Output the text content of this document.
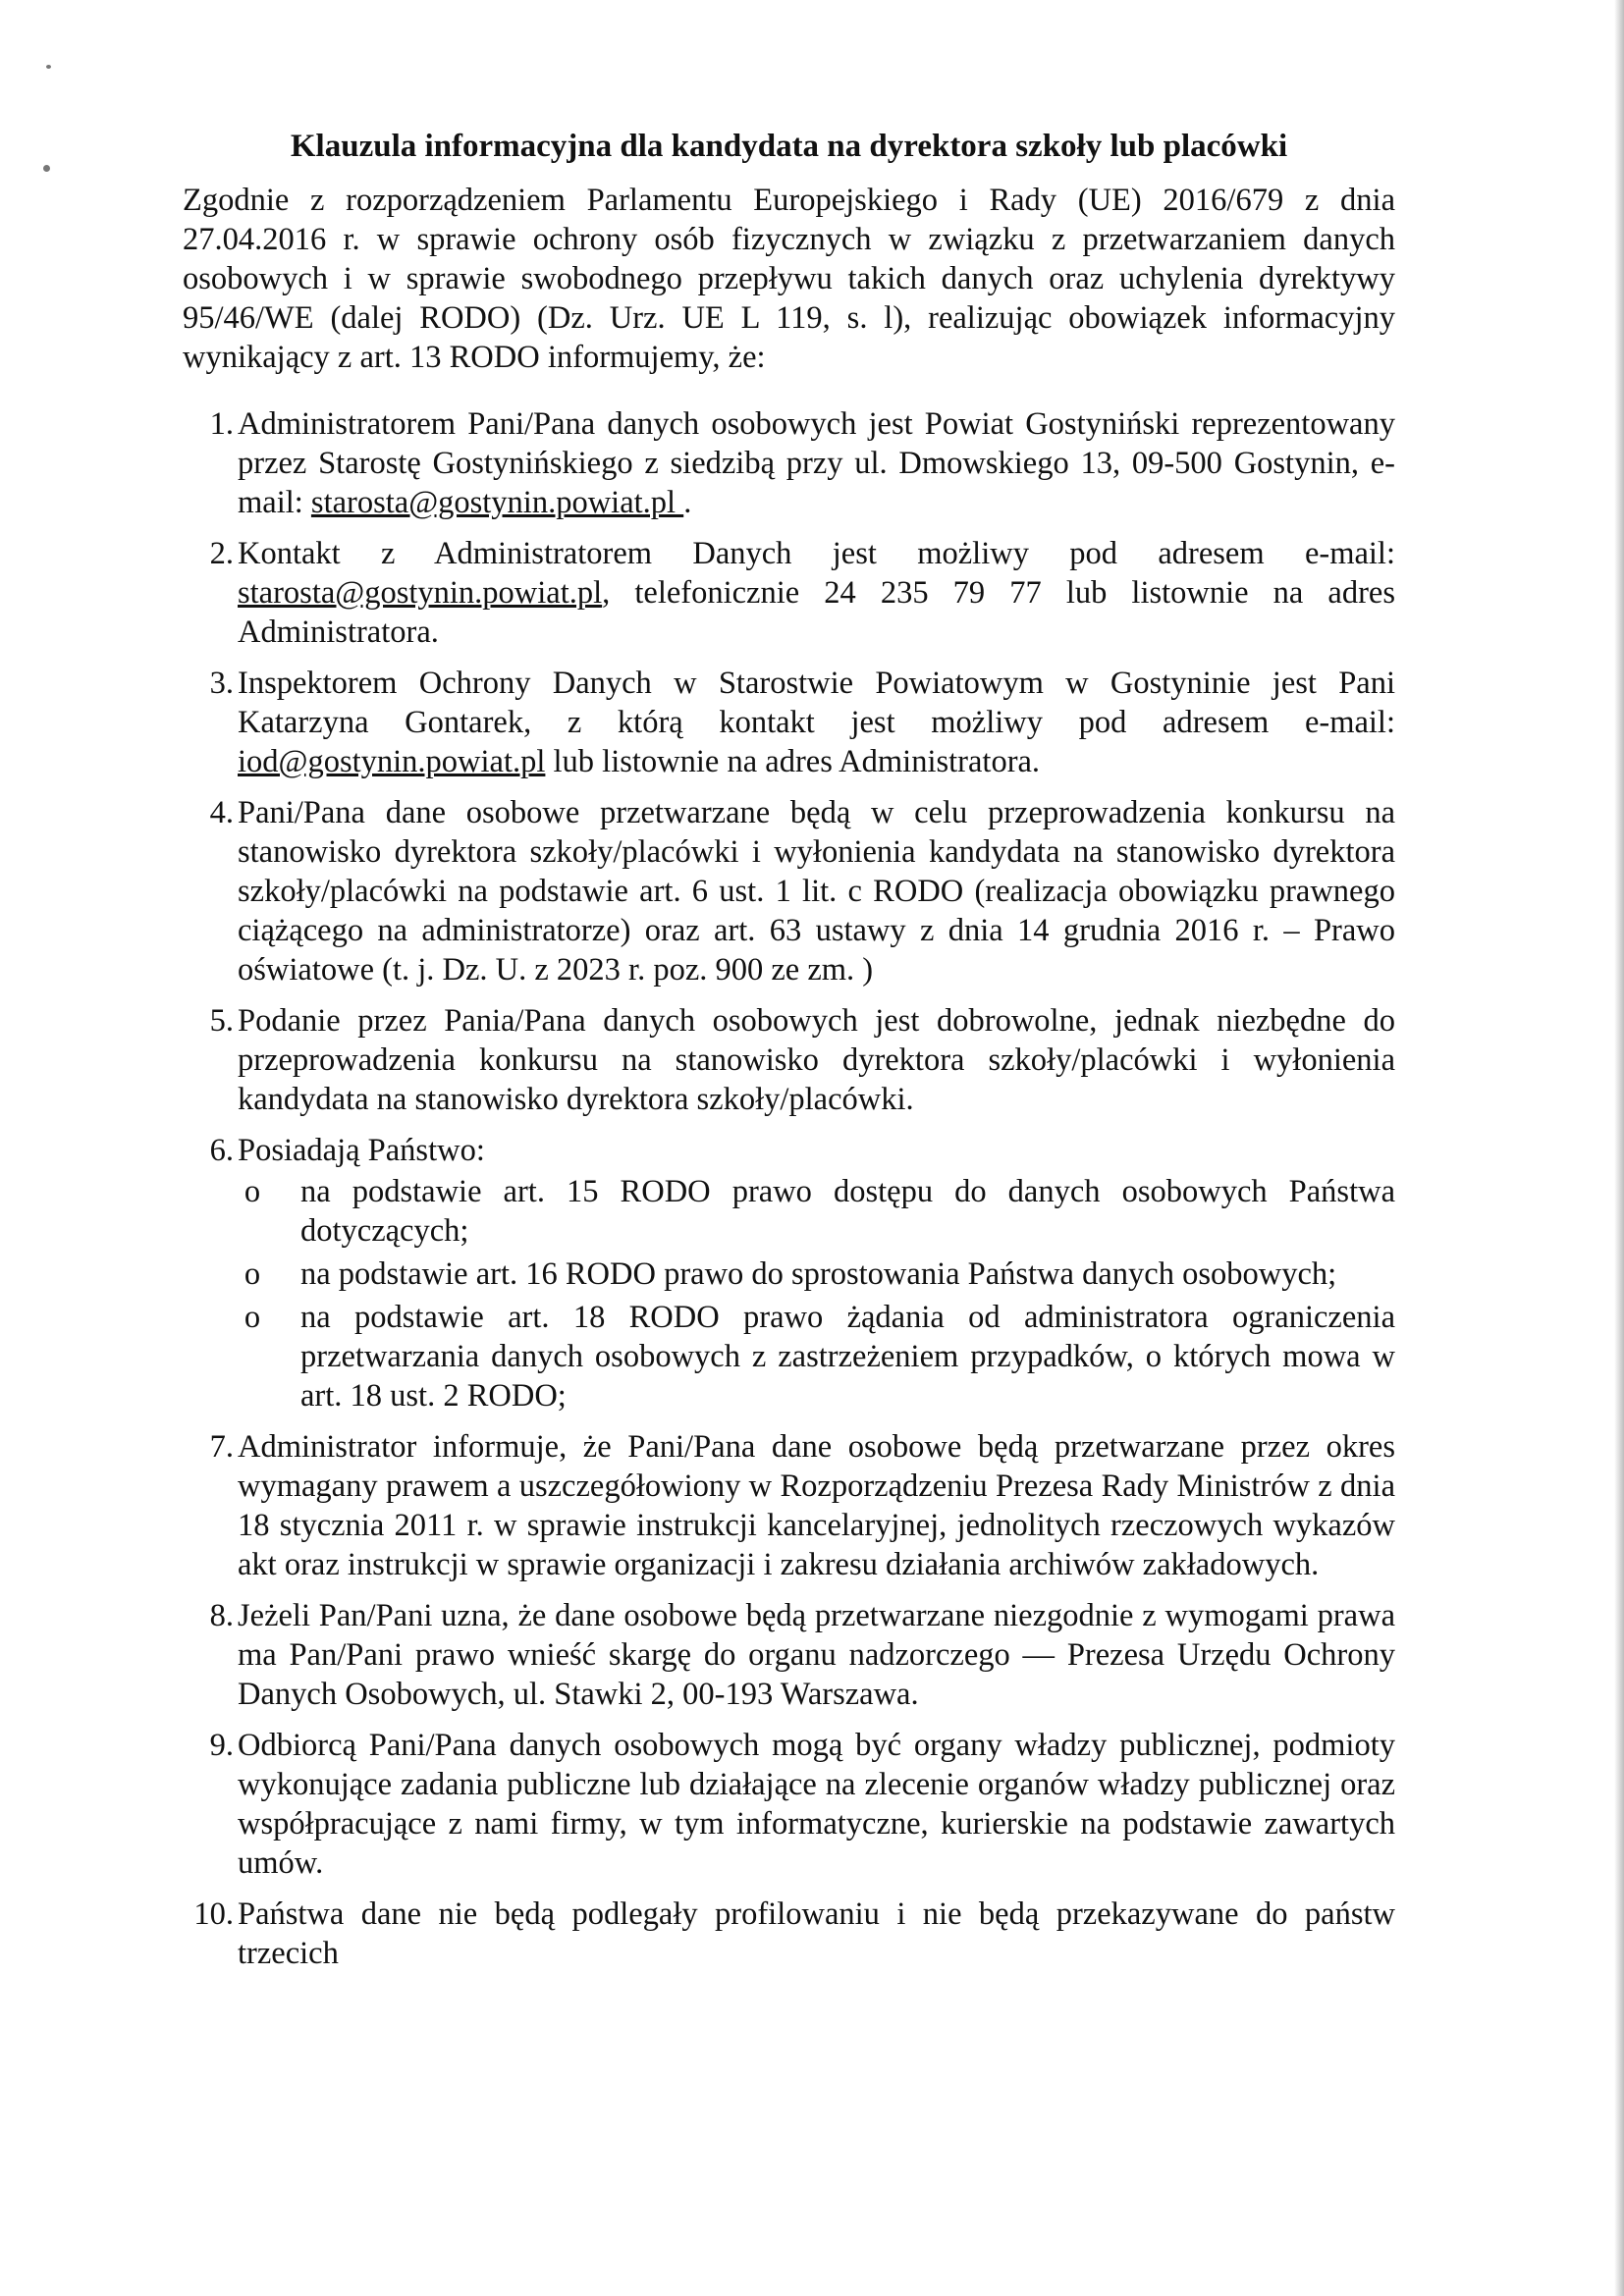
Klauzula informacyjna dla kandydata na dyrektora szkoły lub placówki
Zgodnie z rozporządzeniem Parlamentu Europejskiego i Rady (UE) 2016/679 z dnia 27.04.2016 r. w sprawie ochrony osób fizycznych w związku z przetwarzaniem danych osobowych i w sprawie swobodnego przepływu takich danych oraz uchylenia dyrektywy 95/46/WE (dalej RODO) (Dz. Urz. UE L 119, s. l), realizując obowiązek informacyjny wynikający z art. 13 RODO informujemy, że:
1. Administratorem Pani/Pana danych osobowych jest Powiat Gostyniński reprezentowany przez Starostę Gostynińskiego z siedzibą przy ul. Dmowskiego 13, 09-500 Gostynin, e-mail: starosta@gostynin.powiat.pl .
2. Kontakt z Administratorem Danych jest możliwy pod adresem e-mail: starosta@gostynin.powiat.pl, telefonicznie 24 235 79 77 lub listownie na adres Administratora.
3. Inspektorem Ochrony Danych w Starostwie Powiatowym w Gostyninie jest Pani Katarzyna Gontarek, z którą kontakt jest możliwy pod adresem e-mail: iod@gostynin.powiat.pl lub listownie na adres Administratora.
4. Pani/Pana dane osobowe przetwarzane będą w celu przeprowadzenia konkursu na stanowisko dyrektora szkoły/placówki i wyłonienia kandydata na stanowisko dyrektora szkoły/placówki na podstawie art. 6 ust. 1 lit. c RODO (realizacja obowiązku prawnego ciążącego na administratorze) oraz art. 63 ustawy z dnia 14 grudnia 2016 r. – Prawo oświatowe (t. j. Dz. U. z 2023 r. poz. 900 ze zm. )
5. Podanie przez Pania/Pana danych osobowych jest dobrowolne, jednak niezbędne do przeprowadzenia konkursu na stanowisko dyrektora szkoły/placówki i wyłonienia kandydata na stanowisko dyrektora szkoły/placówki.
6. Posiadają Państwo:
o na podstawie art. 15 RODO prawo dostępu do danych osobowych Państwa dotyczących;
o na podstawie art. 16 RODO prawo do sprostowania Państwa danych osobowych;
o na podstawie art. 18 RODO prawo żądania od administratora ograniczenia przetwarzania danych osobowych z zastrzeżeniem przypadków, o których mowa w art. 18 ust. 2 RODO;
7. Administrator informuje, że Pani/Pana dane osobowe będą przetwarzane przez okres wymagany prawem a uszczegółowiony w Rozporządzeniu Prezesa Rady Ministrów z dnia 18 stycznia 2011 r. w sprawie instrukcji kancelaryjnej, jednolitych rzeczowych wykazów akt oraz instrukcji w sprawie organizacji i zakresu działania archiwów zakładowych.
8. Jeżeli Pan/Pani uzna, że dane osobowe będą przetwarzane niezgodnie z wymogami prawa ma Pan/Pani prawo wnieść skargę do organu nadzorczego — Prezesa Urzędu Ochrony Danych Osobowych, ul. Stawki 2, 00-193 Warszawa.
9. Odbiorcą Pani/Pana danych osobowych mogą być organy władzy publicznej, podmioty wykonujące zadania publiczne lub działające na zlecenie organów władzy publicznej oraz współpracujące z nami firmy, w tym informatyczne, kurierskie na podstawie zawartych umów.
10. Państwa dane nie będą podlegały profilowaniu i nie będą przekazywane do państw trzecich
